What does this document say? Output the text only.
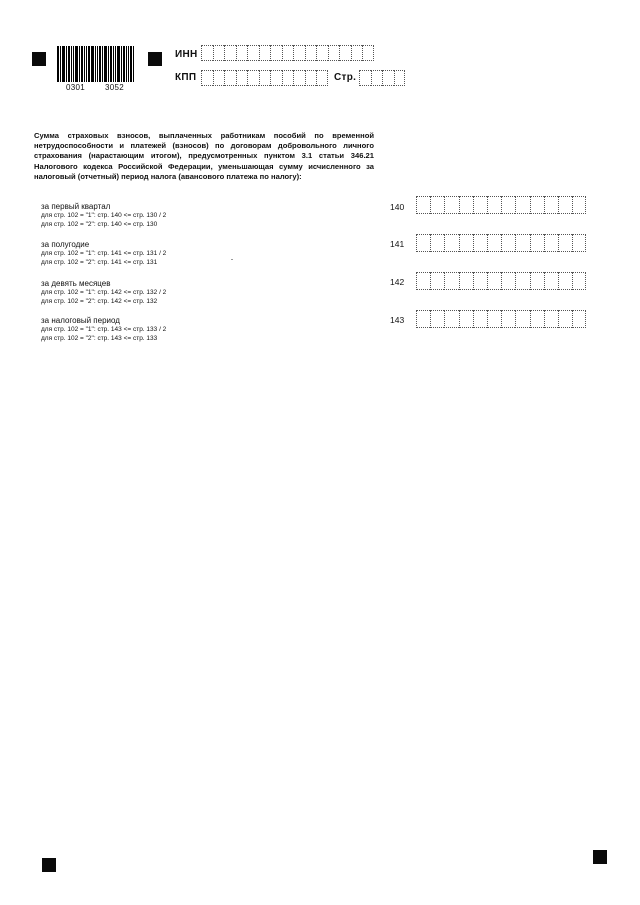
0301	3052
ИНН
КПП	Стр.
Сумма страховых взносов, выплаченных работникам пособий по временной нетрудоспособности и платежей (взносов) по договорам добровольного личного страхования (нарастающим итогом), предусмотренных пунктом 3.1 статьи 346.21 Налогового кодекса Российской Федерации, уменьшающая сумму исчисленного за налоговый (отчетный) период налога (авансового платежа по налогу):
за первый квартал
для стр. 102 = "1": стр. 140 <= стр. 130 / 2
для стр. 102 = "2": стр. 140 <= стр. 130
140
за полугодие
для стр. 102 = "1": стр. 141 <= стр. 131 / 2
для стр. 102 = "2": стр. 141 <= стр. 131
141
за девять месяцев
для стр. 102 = "1": стр. 142 <= стр. 132 / 2
для стр. 102 = "2": стр. 142 <= стр. 132
142
за налоговый период
для стр. 102 = "1": стр. 143 <= стр. 133 / 2
для стр. 102 = "2": стр. 143 <= стр. 133
143
